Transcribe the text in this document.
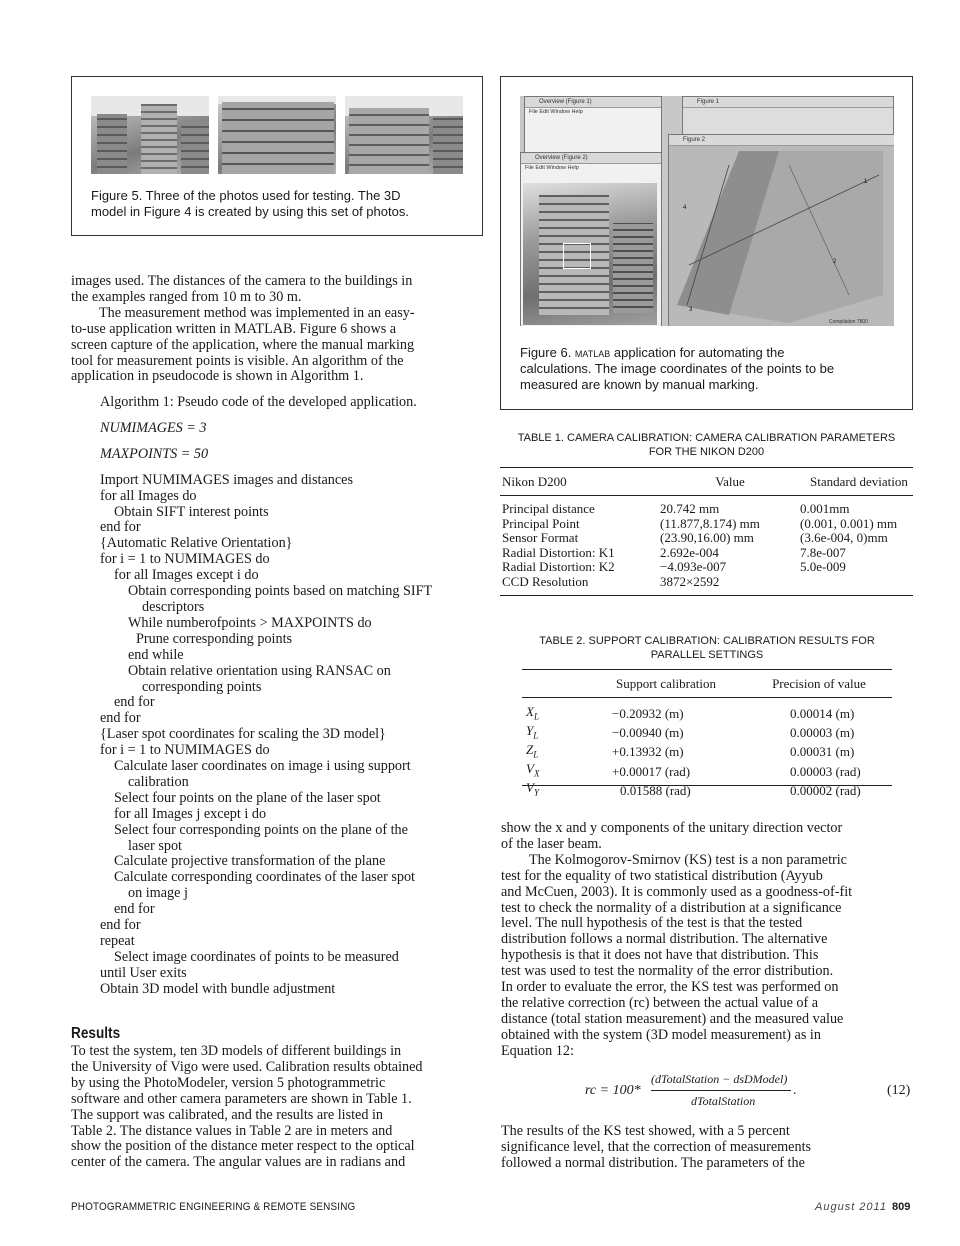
Figure 5. Three of the photos used for testing. The 3D
model in Figure 4 is created by using this set of photos.
Figure 1
Figure 2
1
2
3
4
Compilation 7800
Overview (Figure 1)
File Edit Window Help
Overview (Figure 2)
File Edit Window Help
Figure 6. matlab application for automating the
calculations. The image coordinates of the points to be
measured are known by manual marking.
images used. The distances of the camera to the buildings in
the examples ranged from 10 m to 30 m.
The measurement method was implemented in an easy-
to-use application written in MATLAB. Figure 6 shows a
screen capture of the application, where the manual marking
tool for measurement points is visible. An algorithm of the
application in pseudocode is shown in Algorithm 1.
Algorithm 1: Pseudo code of the developed application.
NUMIMAGES = 3
MAXPOINTS = 50
Import NUMIMAGES images and distances
for all Images do
Obtain SIFT interest points
end for
{Automatic Relative Orientation}
for i = 1 to NUMIMAGES do
for all Images except i do
Obtain corresponding points based on matching SIFT
descriptors
While numberofpoints > MAXPOINTS do
Prune corresponding points
end while
Obtain relative orientation using RANSAC on
corresponding points
end for
end for
{Laser spot coordinates for scaling the 3D model}
for i = 1 to NUMIMAGES do
Calculate laser coordinates on image i using support
calibration
Select four points on the plane of the laser spot
for all Images j except i do
Select four corresponding points on the plane of the
laser spot
Calculate projective transformation of the plane
Calculate corresponding coordinates of the laser spot
on image j
end for
end for
repeat
Select image coordinates of points to be measured
until User exits
Obtain 3D model with bundle adjustment
Results
To test the system, ten 3D models of different buildings in
the University of Vigo were used. Calibration results obtained
by using the PhotoModeler, version 5 photogrammetric
software and other camera parameters are shown in Table 1.
The support was calibrated, and the results are listed in
Table 2. The distance values in Table 2 are in meters and
show the position of the distance meter respect to the optical
center of the camera. The angular values are in radians and
TABLE 1. CAMERA CALIBRATION: CAMERA CALIBRATION PARAMETERS
FOR THE NIKON D200
Nikon D200	Value	Standard deviation
Principal distance	20.742 mm	0.001mm
Principal Point	(11.877,8.174) mm	(0.001, 0.001) mm
Sensor Format	(23.90,16.00) mm	(3.6e-004, 0)mm
Radial Distortion: K1	2.692e-004	7.8e-007
Radial Distortion: K2	−4.093e-007	5.0e-009
CCD Resolution	3872×2592	
TABLE 2. SUPPORT CALIBRATION: CALIBRATION RESULTS FOR
PARALLEL SETTINGS
	Support calibration	Precision of value
$X_L$	−0.20932 (m)	0.00014 (m)
$Y_L$	−0.00940 (m)	0.00003 (m)
$Z_L$	+0.13932 (m)	0.00031 (m)
$V_X$	+0.00017 (rad)	0.00003 (rad)
$V_Y$	0.01588 (rad)	0.00002 (rad)
show the x and y components of the unitary direction vector
of the laser beam.
The Kolmogorov-Smirnov (KS) test is a non parametric
test for the equality of two statistical distribution (Ayyub
and McCuen, 2003). It is commonly used as a goodness-of-fit
test to check the normality of a distribution at a significance
level. The null hypothesis of the test is that the tested
distribution follows a normal distribution. The alternative
hypothesis is that it does not have that distribution. This
test was used to test the normality of the error distribution.
In order to evaluate the error, the KS test was performed on
the relative correction (rc) between the actual value of a
distance (total station measurement) and the measured value
obtained with the system (3D model measurement) as in
Equation 12:
rc = 100*
(dTotalStation − dsDModel)
.
dTotalStation
(12)
The results of the KS test showed, with a 5 percent
significance level, that the correction of measurements
followed a normal distribution. The parameters of the
PHOTOGRAMMETRIC ENGINEERING & REMOTE SENSING	August 2011 809
